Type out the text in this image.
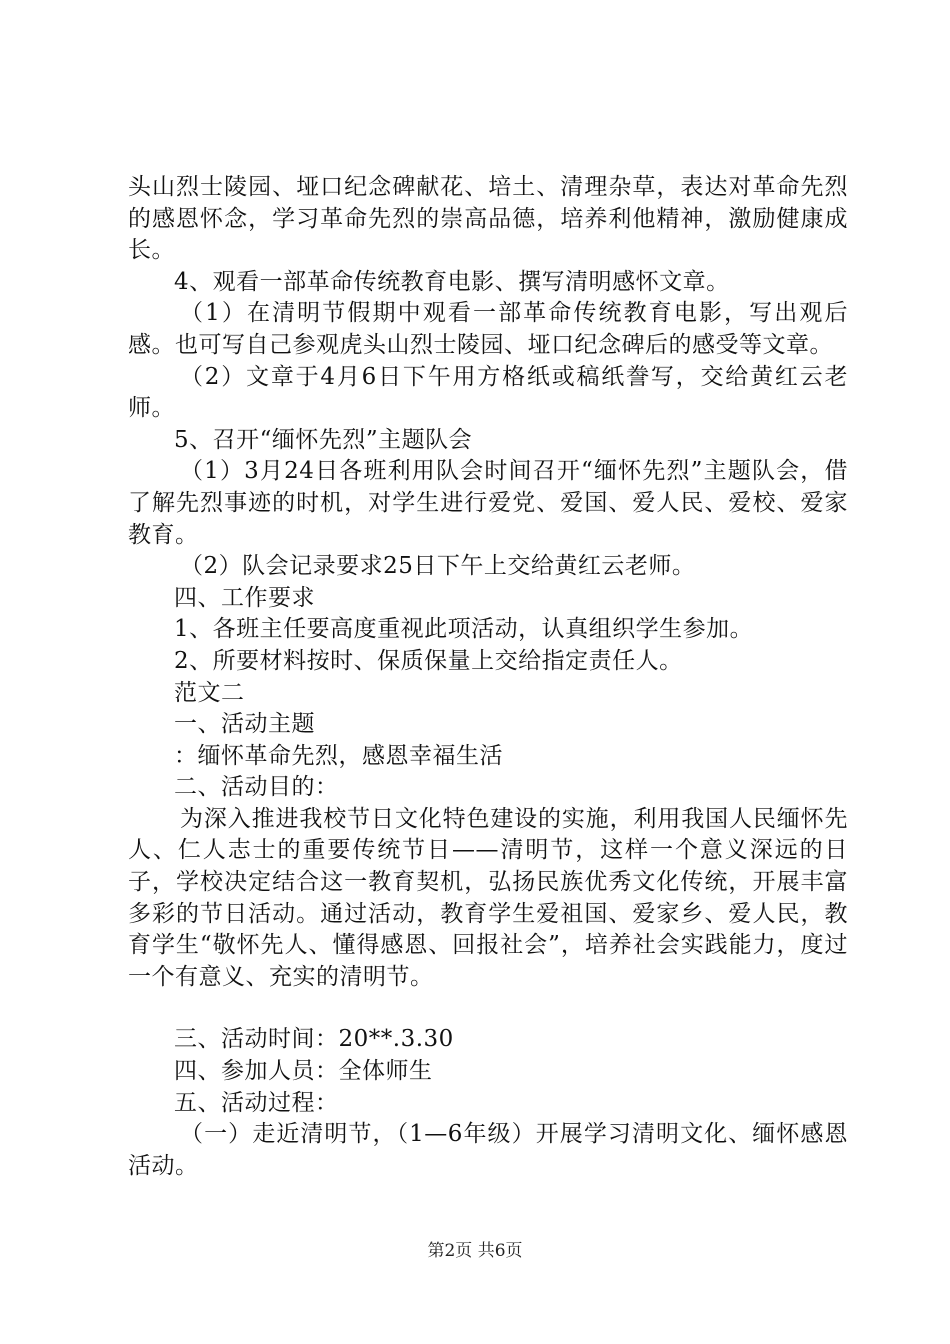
头山烈士陵园、垭口纪念碑献花、培土、清理杂草，表达对革命先烈的感恩怀念，学习革命先烈的崇高品德，培养利他精神，激励健康成长。

4、观看一部革命传统教育电影、撰写清明感怀文章。

（1）在清明节假期中观看一部革命传统教育电影，写出观后感。也可写自己参观虎头山烈士陵园、垭口纪念碑后的感受等文章。

（2）文章于4月6日下午用方格纸或稿纸誊写，交给黄红云老师。

5、召开“缅怀先烈”主题队会

（1）3月24日各班利用队会时间召开“缅怀先烈”主题队会，借了解先烈事迹的时机，对学生进行爱党、爱国、爱人民、爱校、爱家教育。

（2）队会记录要求25日下午上交给黄红云老师。

四、工作要求

1、各班主任要高度重视此项活动，认真组织学生参加。

2、所要材料按时、保质保量上交给指定责任人。

范文二

一、活动主题

：缅怀革命先烈，感恩幸福生活

二、活动目的：

为深入推进我校节日文化特色建设的实施，利用我国人民缅怀先人、仁人志士的重要传统节日——清明节，这样一个意义深远的日子，学校决定结合这一教育契机，弘扬民族优秀文化传统，开展丰富多彩的节日活动。通过活动，教育学生爱祖国、爱家乡、爱人民，教育学生“敬怀先人、懂得感恩、回报社会”，培养社会实践能力，度过一个有意义、充实的清明节。

三、活动时间：20**.3.30

四、参加人员：全体师生

五、活动过程：

（一）走近清明节，（1—6年级）开展学习清明文化、缅怀感恩活动。

第2页 共6页
